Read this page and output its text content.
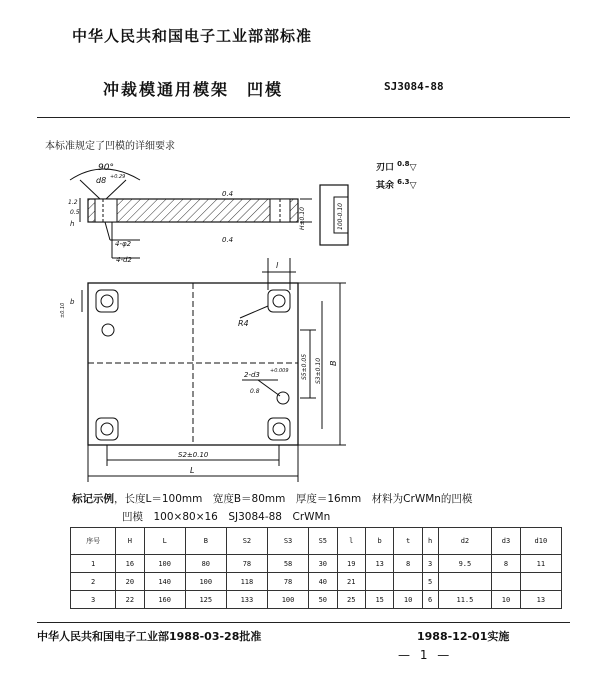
中华人民共和国电子工业部部标准
冲裁模通用模架　凹模	SJ3084-88
本标准规定了凹模的详细要求
刃口 $^{0.8}$▽
其余 $^{6.3}$▽
90°
d8 +0.29
1.2
0.5
h
4-φ2
4-d2
0.4
0.4
H±0.10	100-0.10
l
b
±0.10
R4
S5±0.05 S3±0.10 B
2-d3 +0.009
0.8
S2±0.10
L
标记示例，长度L＝100mm　宽度B＝80mm　厚度＝16mm　材料为CrWMn的凹模
凹模　100×80×16　SJ3084-88　CrWMn
序号	H	L	B	S2	S3	S5	l	b	t	h	d2	d3	d10
1	16	100	80	78	58	30	19	13	8	3	9.5	8	11
2	20	140	100	118	78	40	21			5			
3	22	160	125	133	100	50	25	15	10	6	11.5	10	13
中华人民共和国电子工业部1988-03-28批准	1988-12-01实施
— 1 —
